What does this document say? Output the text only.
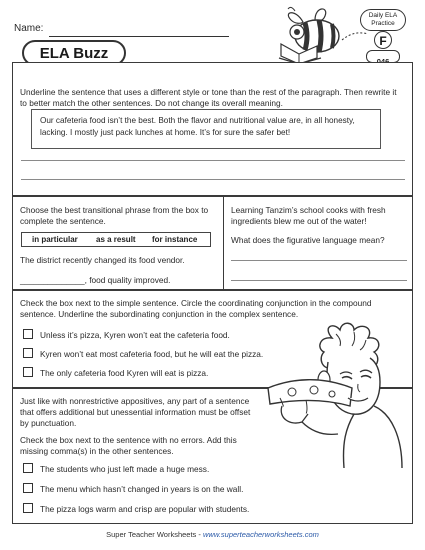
Name:
ELA Buzz
Daily ELA Practice
F
Underline the sentence that uses a different style or tone than the rest of the paragraph. Then rewrite it to better match the other sentences. Do not change its overall meaning.
Our cafeteria food isn’t the best. Both the flavor and nutritional value are, in all honesty, lacking. I mostly just pack lunches at home. It’s for sure the safer bet!
Choose the best transitional phrase from the box to complete the sentence.
in particular as a result for instance
The district recently changed its food vendor.
______________, food quality improved.
Learning Tanzim’s school cooks with fresh ingredients blew me out of the water!
What does the figurative language mean?
Check the box next to the simple sentence. Circle the coordinating conjunction in the compound sentence. Underline the subordinating conjunction in the complex sentence.
Unless it’s pizza, Kyren won’t eat the cafeteria food.
Kyren won’t eat most cafeteria food, but he will eat the pizza.
The only cafeteria food Kyren will eat is pizza.
Just like with nonrestrictive appositives, any part of a sentence that offers additional but unessential information must be offset by punctuation.
Check the box next to the sentence with no errors. Add this missing comma(s) in the other sentences.
The students who just left made a huge mess.
The menu which hasn’t changed in years is on the wall.
The pizza logs warm and crisp are popular with students.
Super Teacher Worksheets - www.superteacherworksheets.com
